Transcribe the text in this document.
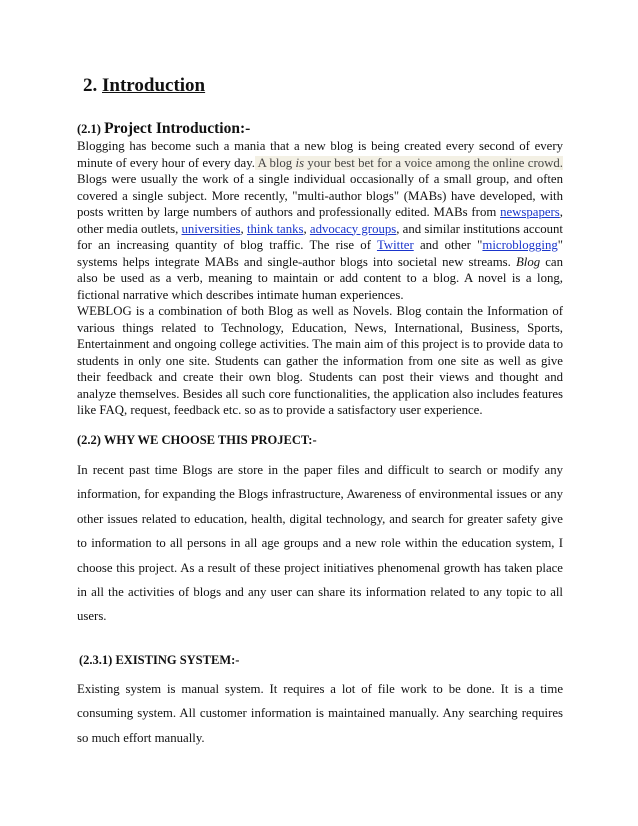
2. Introduction
(2.1) Project Introduction:-

Blogging has become such a mania that a new blog is being created every second of every minute of every hour of every day. A blog is your best bet for a voice among the online crowd. Blogs were usually the work of a single individual occasionally of a small group, and often covered a single subject. More recently, "multi-author blogs" (MABs) have developed, with posts written by large numbers of authors and professionally edited. MABs from newspapers, other media outlets, universities, think tanks, advocacy groups, and similar institutions account for an increasing quantity of blog traffic. The rise of Twitter and other "microblogging" systems helps integrate MABs and single-author blogs into societal new streams. Blog can also be used as a verb, meaning to maintain or add content to a blog. A novel is a long, fictional narrative which describes intimate human experiences.

WEBLOG is a combination of both Blog as well as Novels. Blog contain the Information of various things related to Technology, Education, News, International, Business, Sports, Entertainment and ongoing college activities. The main aim of this project is to provide data to students in only one site. Students can gather the information from one site as well as give their feedback and create their own blog. Students can post their views and thought and analyze themselves. Besides all such core functionalities, the application also includes features like FAQ, request, feedback etc. so as to provide a satisfactory user experience.

(2.2) WHY WE CHOOSE THIS PROJECT:-

In recent past time Blogs are store in the paper files and difficult to search or modify any information, for expanding the Blogs infrastructure, Awareness of environmental issues or any other issues related to education, health, digital technology, and search for greater safety give to information to all persons in all age groups and a new role within the education system, I choose this project. As a result of these project initiatives phenomenal growth has taken place in all the activities of blogs and any user can share its information related to any topic to all users.

(2.3.1) EXISTING SYSTEM:-

Existing system is manual system. It requires a lot of file work to be done. It is a time consuming system. All customer information is maintained manually. Any searching requires so much effort manually.
